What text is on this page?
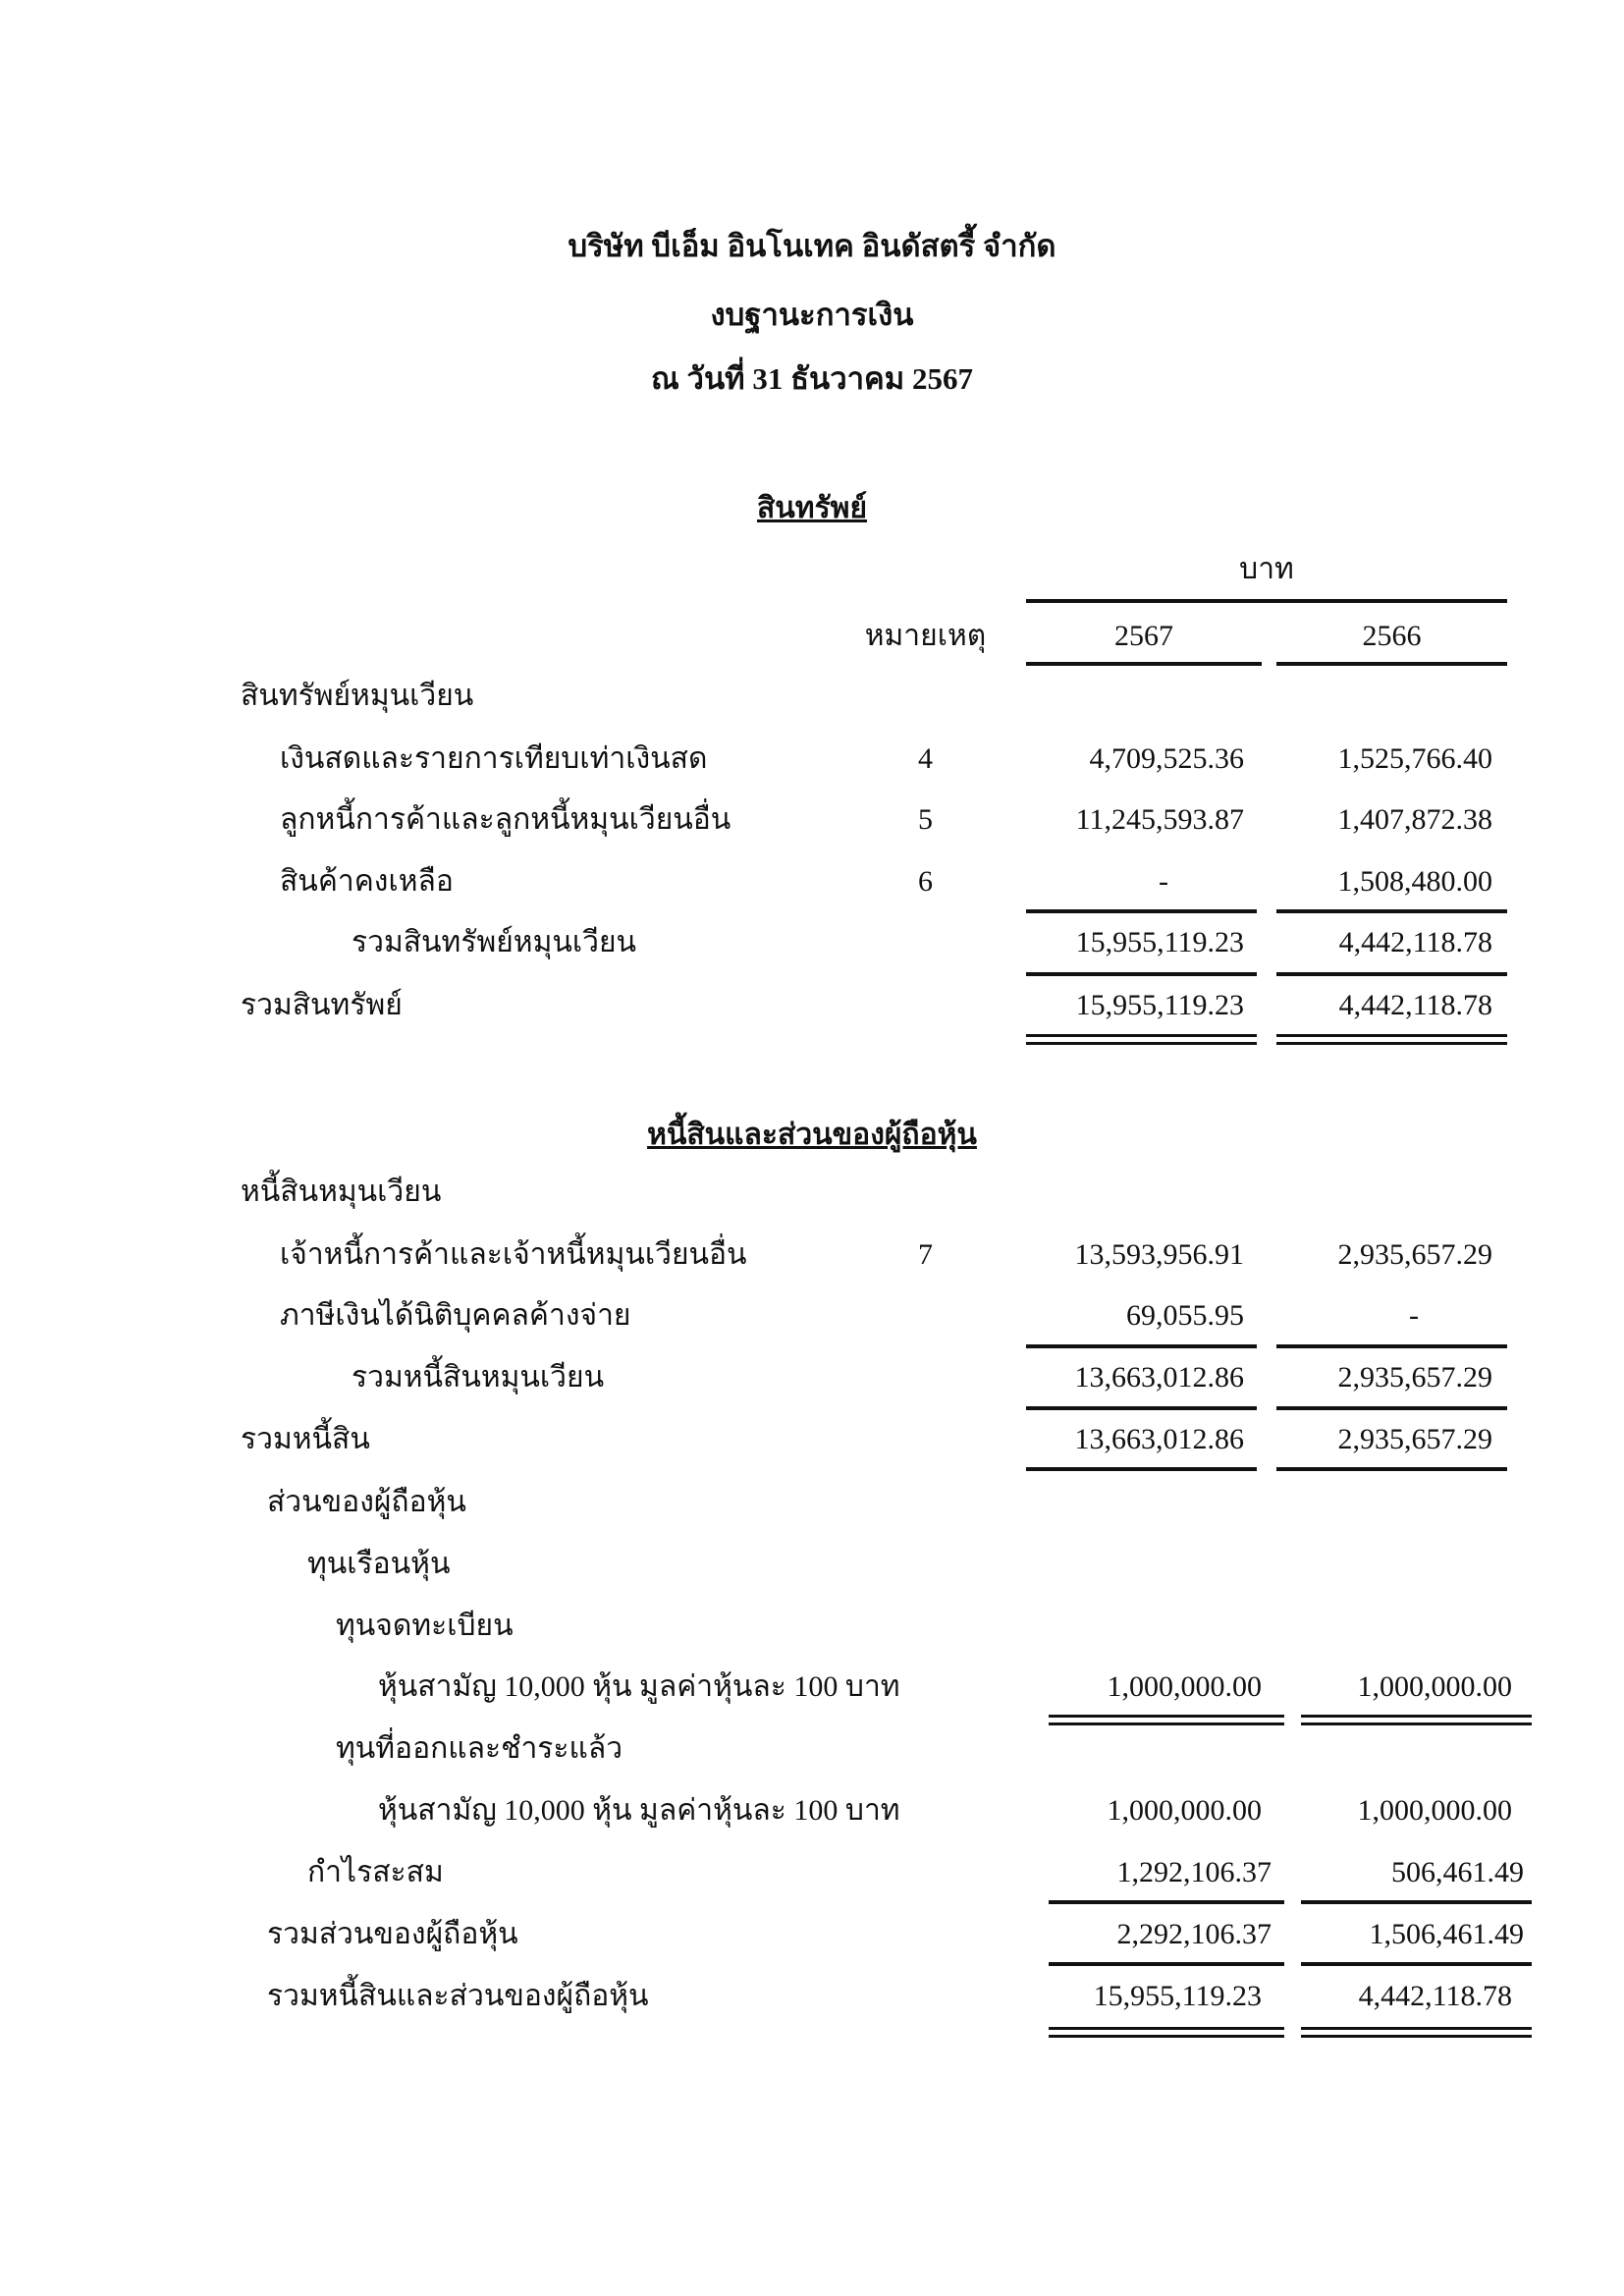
บริษัท บีเอ็ม อินโนเทค อินดัสตรี้ จำกัด
งบฐานะการเงิน
ณ วันที่ 31 ธันวาคม 2567
สินทรัพย์
บาท
หมายเหตุ	2567	2566
สินทรัพย์หมุนเวียน
เงินสดและรายการเทียบเท่าเงินสด	4	4,709,525.36	1,525,766.40
ลูกหนี้การค้าและลูกหนี้หมุนเวียนอื่น	5	11,245,593.87	1,407,872.38
สินค้าคงเหลือ	6	-	1,508,480.00
รวมสินทรัพย์หมุนเวียน	15,955,119.23	4,442,118.78
รวมสินทรัพย์	15,955,119.23	4,442,118.78
หนี้สินและส่วนของผู้ถือหุ้น
หนี้สินหมุนเวียน
เจ้าหนี้การค้าและเจ้าหนี้หมุนเวียนอื่น	7	13,593,956.91	2,935,657.29
ภาษีเงินได้นิติบุคคลค้างจ่าย	69,055.95	-
รวมหนี้สินหมุนเวียน	13,663,012.86	2,935,657.29
รวมหนี้สิน	13,663,012.86	2,935,657.29
ส่วนของผู้ถือหุ้น
ทุนเรือนหุ้น
ทุนจดทะเบียน
หุ้นสามัญ 10,000 หุ้น มูลค่าหุ้นละ 100 บาท	1,000,000.00	1,000,000.00
ทุนที่ออกและชำระแล้ว
หุ้นสามัญ 10,000 หุ้น มูลค่าหุ้นละ 100 บาท	1,000,000.00	1,000,000.00
กำไรสะสม	1,292,106.37	506,461.49
รวมส่วนของผู้ถือหุ้น	2,292,106.37	1,506,461.49
รวมหนี้สินและส่วนของผู้ถือหุ้น	15,955,119.23	4,442,118.78
